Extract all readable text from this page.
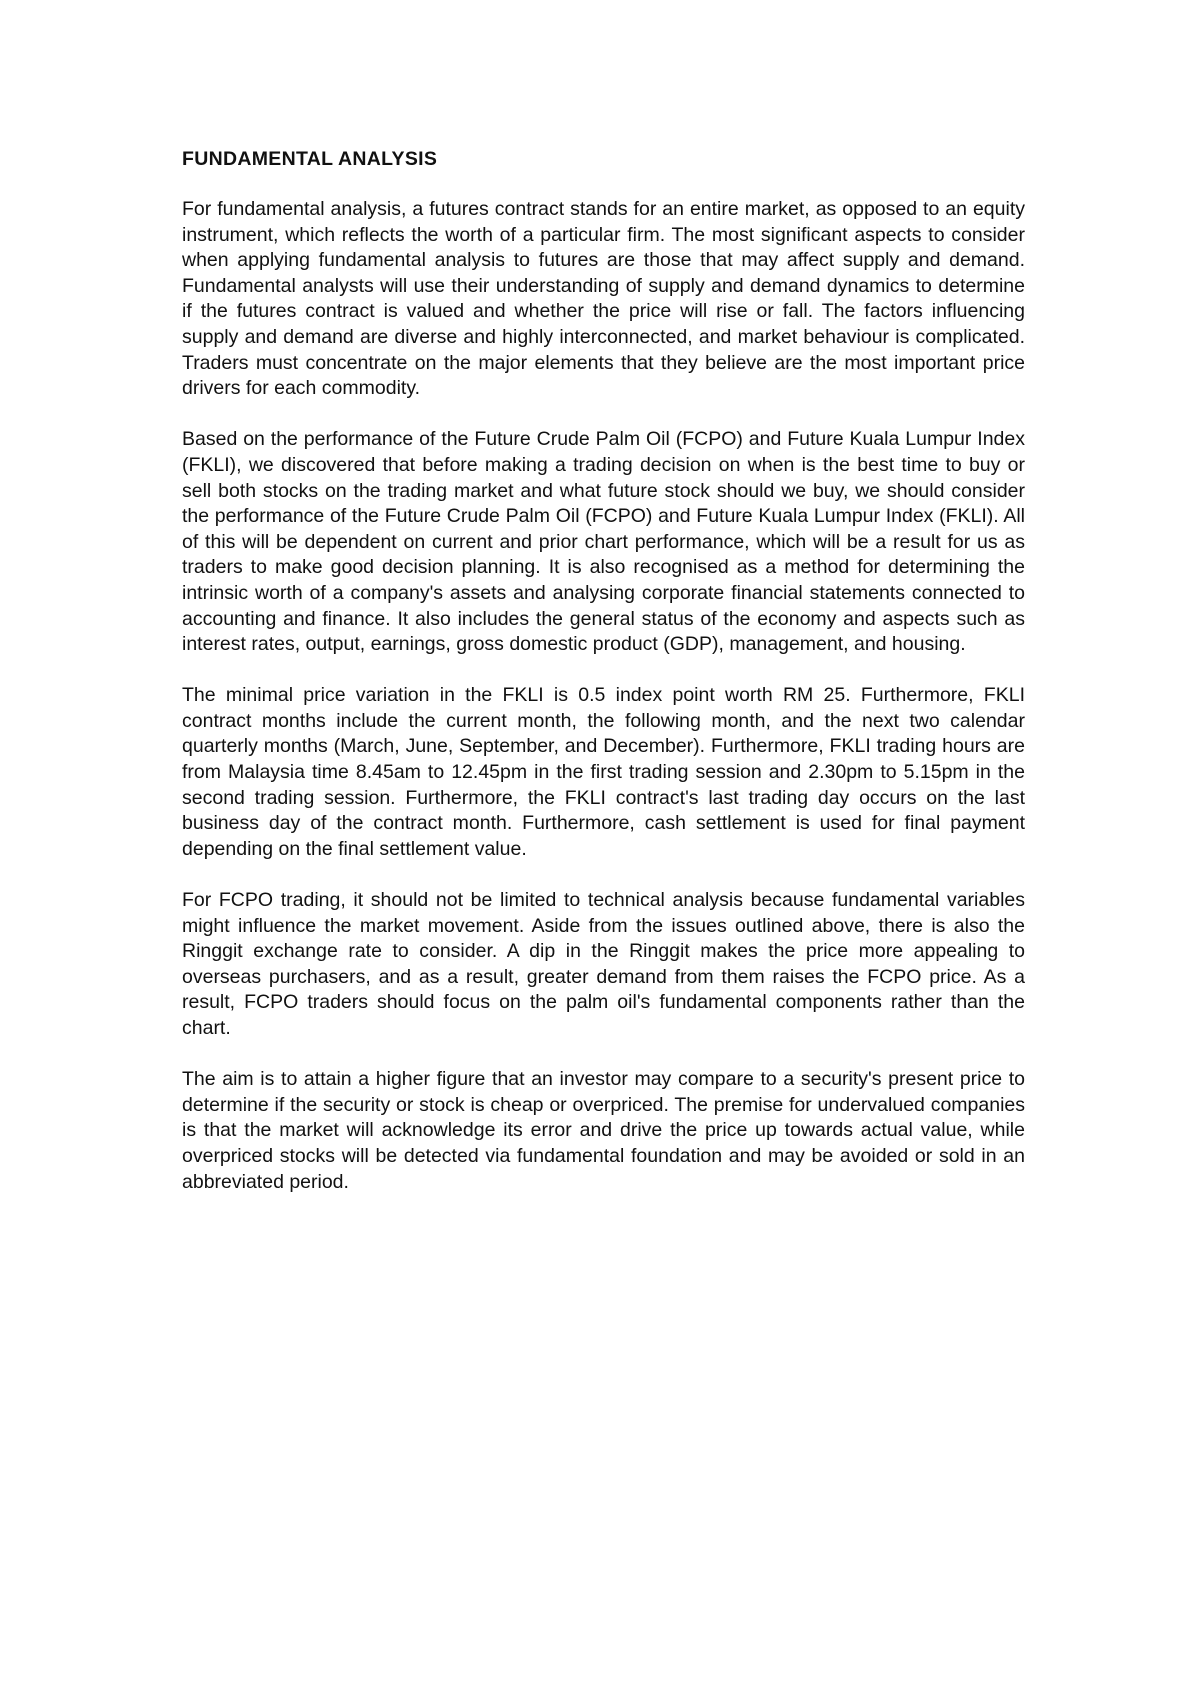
FUNDAMENTAL ANALYSIS

For fundamental analysis, a futures contract stands for an entire market, as opposed to an equity instrument, which reflects the worth of a particular firm. The most significant aspects to consider when applying fundamental analysis to futures are those that may affect supply and demand. Fundamental analysts will use their understanding of supply and demand dynamics to determine if the futures contract is valued and whether the price will rise or fall. The factors influencing supply and demand are diverse and highly interconnected, and market behaviour is complicated. Traders must concentrate on the major elements that they believe are the most important price drivers for each commodity.

Based on the performance of the Future Crude Palm Oil (FCPO) and Future Kuala Lumpur Index (FKLI), we discovered that before making a trading decision on when is the best time to buy or sell both stocks on the trading market and what future stock should we buy, we should consider the performance of the Future Crude Palm Oil (FCPO) and Future Kuala Lumpur Index (FKLI). All of this will be dependent on current and prior chart performance, which will be a result for us as traders to make good decision planning. It is also recognised as a method for determining the intrinsic worth of a company's assets and analysing corporate financial statements connected to accounting and finance. It also includes the general status of the economy and aspects such as interest rates, output, earnings, gross domestic product (GDP), management, and housing.

The minimal price variation in the FKLI is 0.5 index point worth RM 25. Furthermore, FKLI contract months include the current month, the following month, and the next two calendar quarterly months (March, June, September, and December). Furthermore, FKLI trading hours are from Malaysia time 8.45am to 12.45pm in the first trading session and 2.30pm to 5.15pm in the second trading session. Furthermore, the FKLI contract's last trading day occurs on the last business day of the contract month. Furthermore, cash settlement is used for final payment depending on the final settlement value.

For FCPO trading, it should not be limited to technical analysis because fundamental variables might influence the market movement. Aside from the issues outlined above, there is also the Ringgit exchange rate to consider. A dip in the Ringgit makes the price more appealing to overseas purchasers, and as a result, greater demand from them raises the FCPO price. As a result, FCPO traders should focus on the palm oil's fundamental components rather than the chart.

The aim is to attain a higher figure that an investor may compare to a security's present price to determine if the security or stock is cheap or overpriced. The premise for undervalued companies is that the market will acknowledge its error and drive the price up towards actual value, while overpriced stocks will be detected via fundamental foundation and may be avoided or sold in an abbreviated period.
